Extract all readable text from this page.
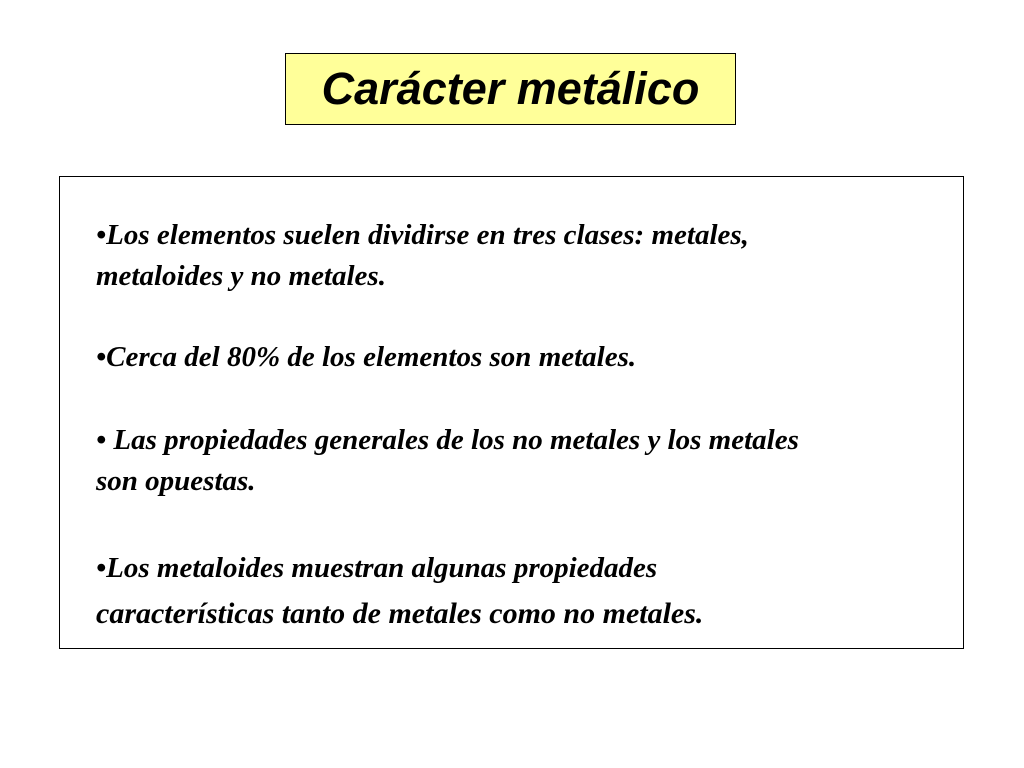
Carácter metálico

•Los elementos suelen dividirse en tres clases: metales,
metaloides y no metales.

•Cerca del 80% de los elementos son metales.

• Las propiedades generales de los no metales y los metales
son opuestas.

•Los metaloides muestran algunas propiedades
características tanto de metales como no metales.
